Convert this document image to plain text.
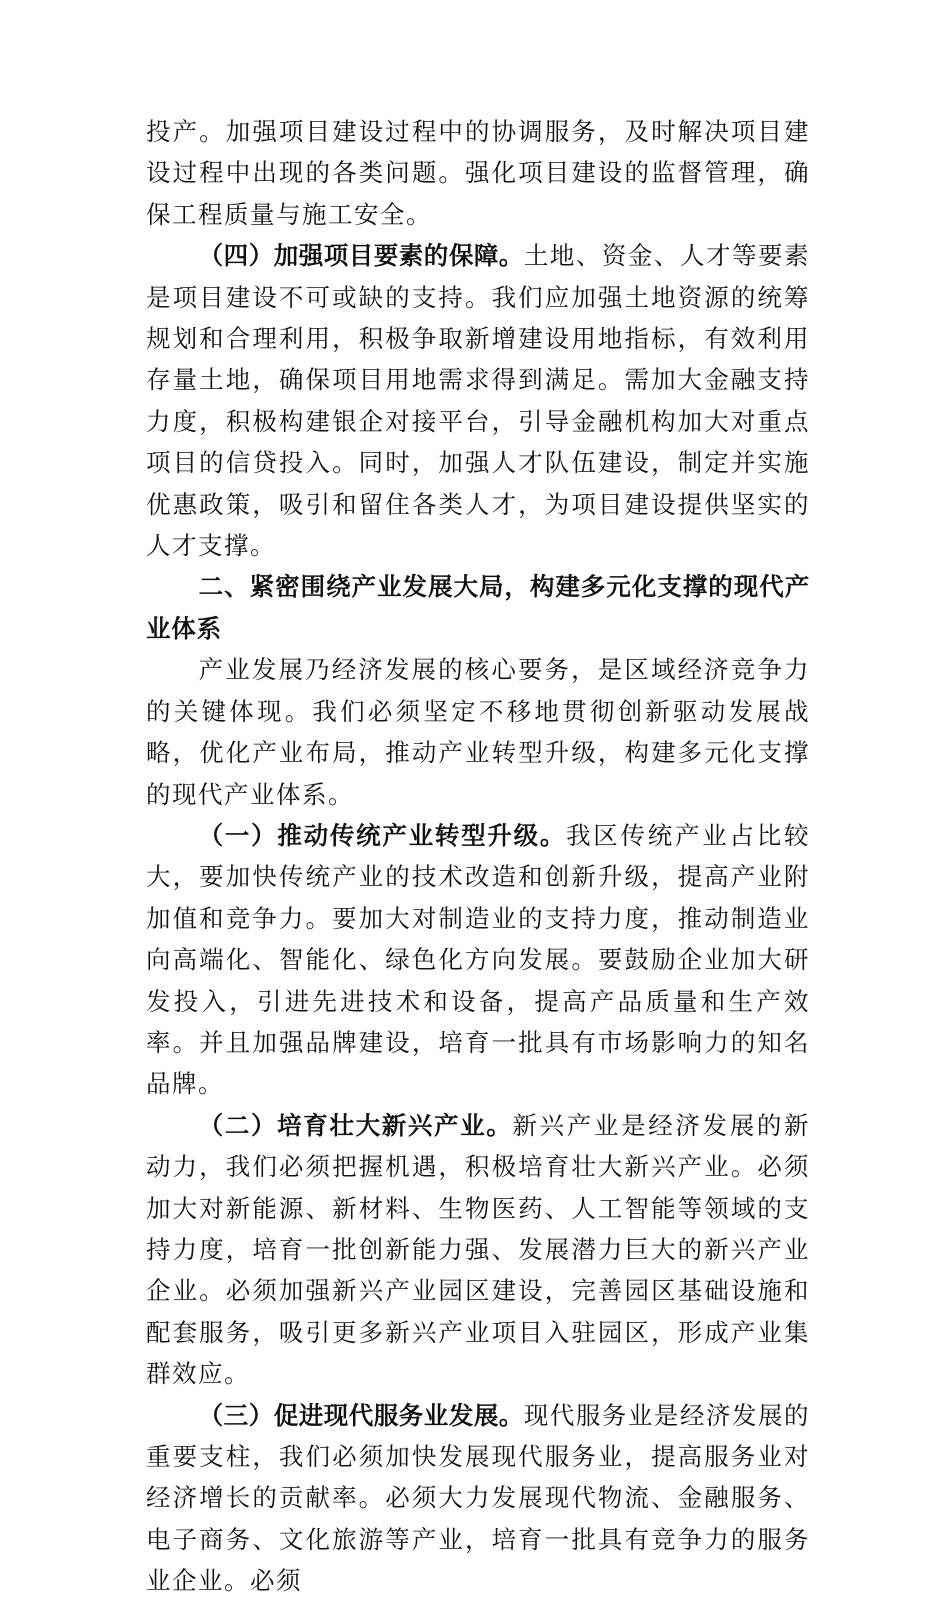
投产。加强项目建设过程中的协调服务，及时解决项目建设过程中出现的各类问题。强化项目建设的监督管理，确保工程质量与施工安全。

（四）加强项目要素的保障。土地、资金、人才等要素是项目建设不可或缺的支持。我们应加强土地资源的统筹规划和合理利用，积极争取新增建设用地指标，有效利用存量土地，确保项目用地需求得到满足。需加大金融支持力度，积极构建银企对接平台，引导金融机构加大对重点项目的信贷投入。同时，加强人才队伍建设，制定并实施优惠政策，吸引和留住各类人才，为项目建设提供坚实的人才支撑。

二、紧密围绕产业发展大局，构建多元化支撑的现代产业体系

产业发展乃经济发展的核心要务，是区域经济竞争力的关键体现。我们必须坚定不移地贯彻创新驱动发展战略，优化产业布局，推动产业转型升级，构建多元化支撑的现代产业体系。

（一）推动传统产业转型升级。我区传统产业占比较大，要加快传统产业的技术改造和创新升级，提高产业附加值和竞争力。要加大对制造业的支持力度，推动制造业向高端化、智能化、绿色化方向发展。要鼓励企业加大研发投入，引进先进技术和设备，提高产品质量和生产效率。并且加强品牌建设，培育一批具有市场影响力的知名品牌。

（二）培育壮大新兴产业。新兴产业是经济发展的新动力，我们必须把握机遇，积极培育壮大新兴产业。必须加大对新能源、新材料、生物医药、人工智能等领域的支持力度，培育一批创新能力强、发展潜力巨大的新兴产业企业。必须加强新兴产业园区建设，完善园区基础设施和配套服务，吸引更多新兴产业项目入驻园区，形成产业集群效应。

（三）促进现代服务业发展。现代服务业是经济发展的重要支柱，我们必须加快发展现代服务业，提高服务业对经济增长的贡献率。必须大力发展现代物流、金融服务、电子商务、文化旅游等产业，培育一批具有竞争力的服务业企业。必须
